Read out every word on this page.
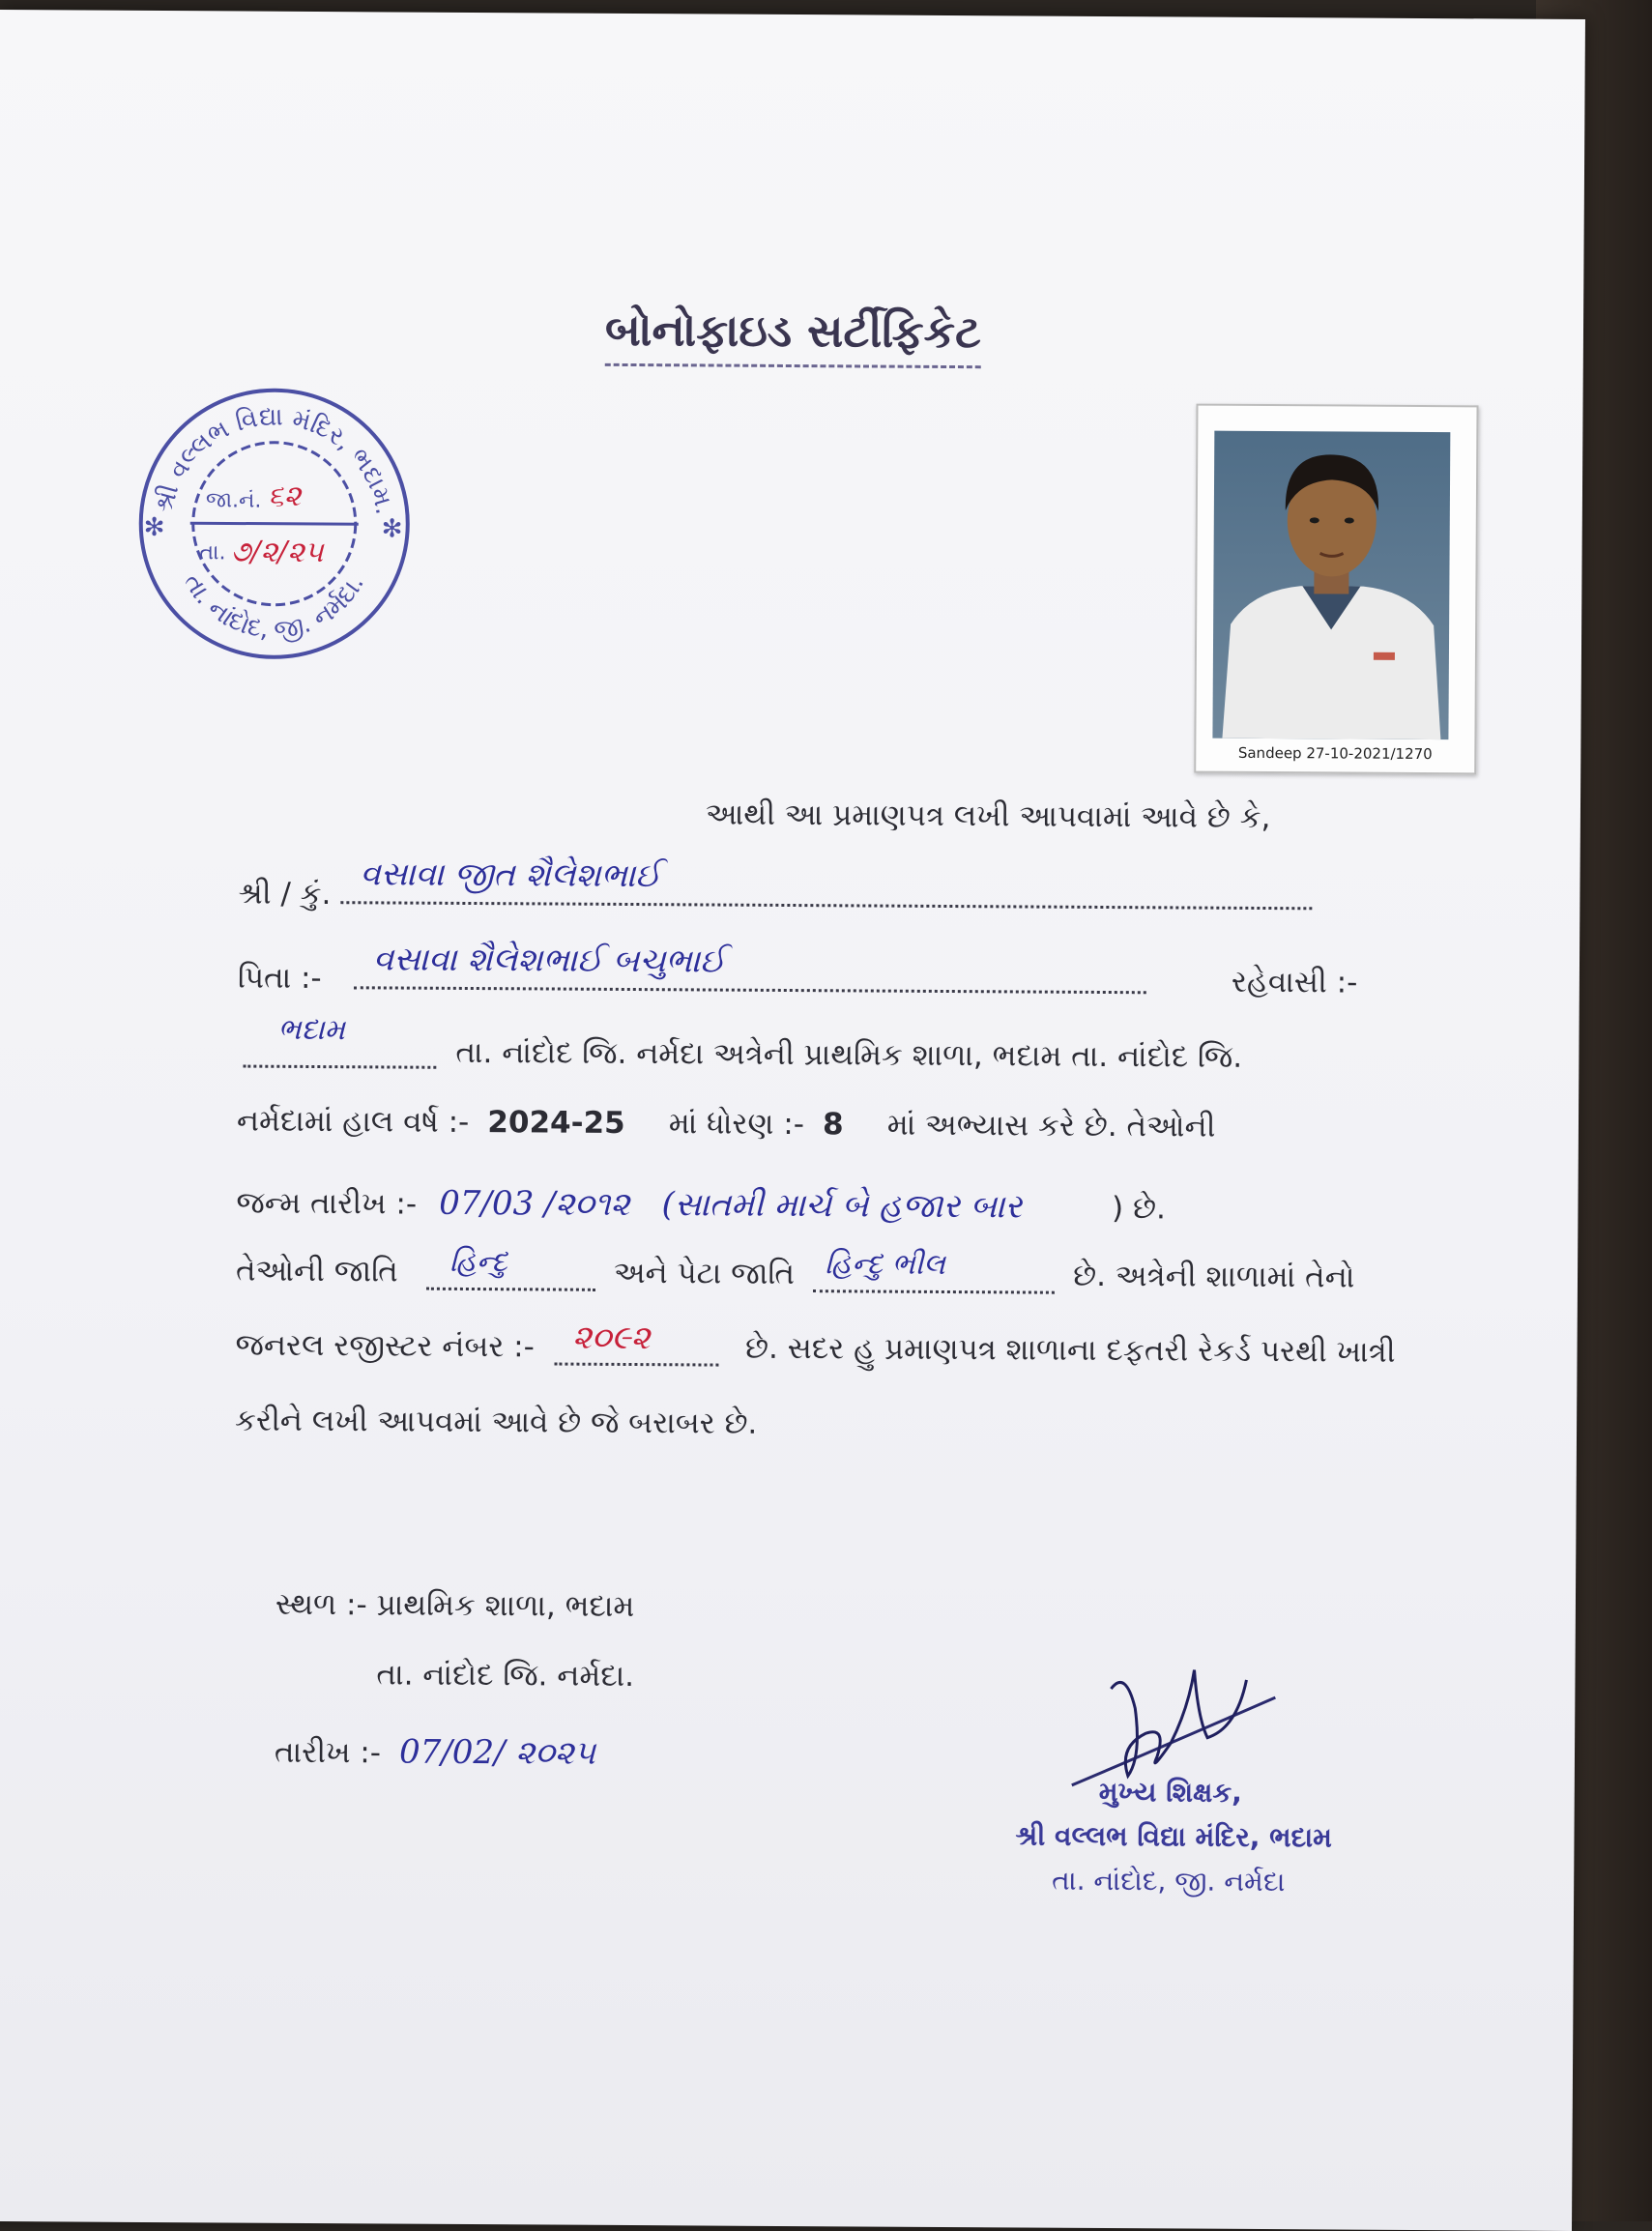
બોનોફાઇડ સર્ટીફિકેટ
શ્રી વલ્લભ વિદ્યા મંદિર, ભદામ.
તા. નાંદોદ, જી. નર્મદા.
જા.નં. ૬૨
તા. ૭/૨/૨૫
✻	✻
Sandeep 27-10-2021/1270
આથી આ પ્રમાણપત્ર લખી આપવામાં આવે છે કે,
શ્રી / કું. વસાવા જીત શૈલેશભાઈ
પિતા :- વસાવા શૈલેશભાઈ બચુભાઈ
રહેવાસી :-
ભદામ
તા. નાંદોદ જિ. નર્મદા અત્રેની પ્રાથમિક શાળા, ભદામ તા. નાંદોદ જિ.
નર્મદામાં હાલ વર્ષ :- 2024-25 માં ધોરણ :- 8 માં અભ્યાસ કરે છે. તેઓની
જન્મ તારીખ :- 07/03 /૨૦૧૨ (સાતમી માર્ચ બે હજાર બાર	) છે.
તેઓની જાતિ હિન્દુ	અને પેટા જાતિ હિન્દુ ભીલ	છે. અત્રેની શાળામાં તેનો
જનરલ રજીસ્ટર નંબર :- ૨૦૯૨	છે. સદર હુ પ્રમાણપત્ર શાળાના દફતરી રેકર્ડ પરથી ખાત્રી
કરીને લખી આપવમાં આવે છે જે બરાબર છે.
સ્થળ :- પ્રાથમિક શાળા, ભદામ
તા. નાંદોદ જિ. નર્મદા.
તારીખ :- 07/02/ ૨૦૨૫
મુખ્ય શિક્ષક,
શ્રી વલ્લભ વિદ્યા મંદિર, ભદામ
તા. નાંદોદ, જી. નર્મદા
